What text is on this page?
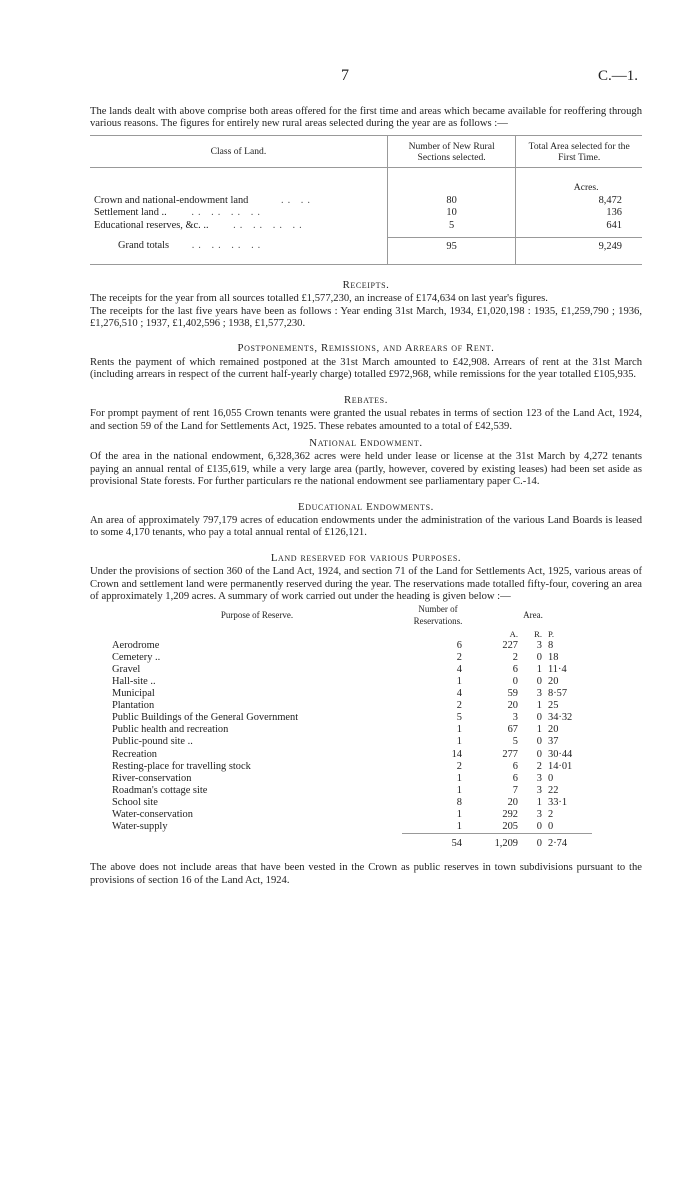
7	C.—1.

The lands dealt with above comprise both areas offered for the first time and areas which became available for reoffering through various reasons. The figures for entirely new rural areas selected during the year are as follows :—

Class of Land.	Number of New Rural Sections selected.	Total Area selected for the First Time.

		Acres.
Crown and national-endowment land .. ..	80	8,472
Settlement land .. .. .. .. ..	10	136
Educational reserves, &c. .. .. .. .. ..	5	641

Grand totals .. .. .. ..	95	9,249

Receipts.

The receipts for the year from all sources totalled £1,577,230, an increase of £174,634 on last year's figures.

The receipts for the last five years have been as follows : Year ending 31st March, 1934, £1,020,198 : 1935, £1,259,790 ; 1936, £1,276,510 ; 1937, £1,402,596 ; 1938, £1,577,230.

Postponements, Remissions, and Arrears of Rent.

Rents the payment of which remained postponed at the 31st March amounted to £42,908. Arrears of rent at the 31st March (including arrears in respect of the current half-yearly charge) totalled £972,968, while remissions for the year totalled £105,935.

Rebates.

For prompt payment of rent 16,055 Crown tenants were granted the usual rebates in terms of section 123 of the Land Act, 1924, and section 59 of the Land for Settlements Act, 1925. These rebates amounted to a total of £42,539.

National Endowment.

Of the area in the national endowment, 6,328,362 acres were held under lease or license at the 31st March by 4,272 tenants paying an annual rental of £135,619, while a very large area (partly, however, covered by existing leases) had been set aside as provisional State forests. For further particulars re the national endowment see parliamentary paper C.-14.

Educational Endowments.

An area of approximately 797,179 acres of education endowments under the administration of the various Land Boards is leased to some 4,170 tenants, who pay a total annual rental of £126,121.

Land reserved for various Purposes.

Under the provisions of section 360 of the Land Act, 1924, and section 71 of the Land for Settlements Act, 1925, various areas of Crown and settlement land were permanently reserved during the year. The reservations made totalled fifty-four, covering an area of approximately 1,209 acres. A summary of work carried out under the heading is given below :—

Purpose of Reserve.	Number of Reservations.	Area.		
		A.	R.	P.
Aerodrome	6	227	3	8
Cemetery ..	2	2	0	18
Gravel	4	6	1	11·4
Hall-site ..	1	0	0	20
Municipal	4	59	3	8·57
Plantation	2	20	1	25
Public Buildings of the General Government	5	3	0	34·32
Public health and recreation	1	67	1	20
Public-pound site ..	1	5	0	37
Recreation	14	277	0	30·44
Resting-place for travelling stock	2	6	2	14·01
River-conservation	1	6	3	0
Roadman's cottage site	1	7	3	22
School site	8	20	1	33·1
Water-conservation	1	292	3	2
Water-supply	1	205	0	0

	54	1,209	0	2·74

The above does not include areas that have been vested in the Crown as public reserves in town subdivisions pursuant to the provisions of section 16 of the Land Act, 1924.
